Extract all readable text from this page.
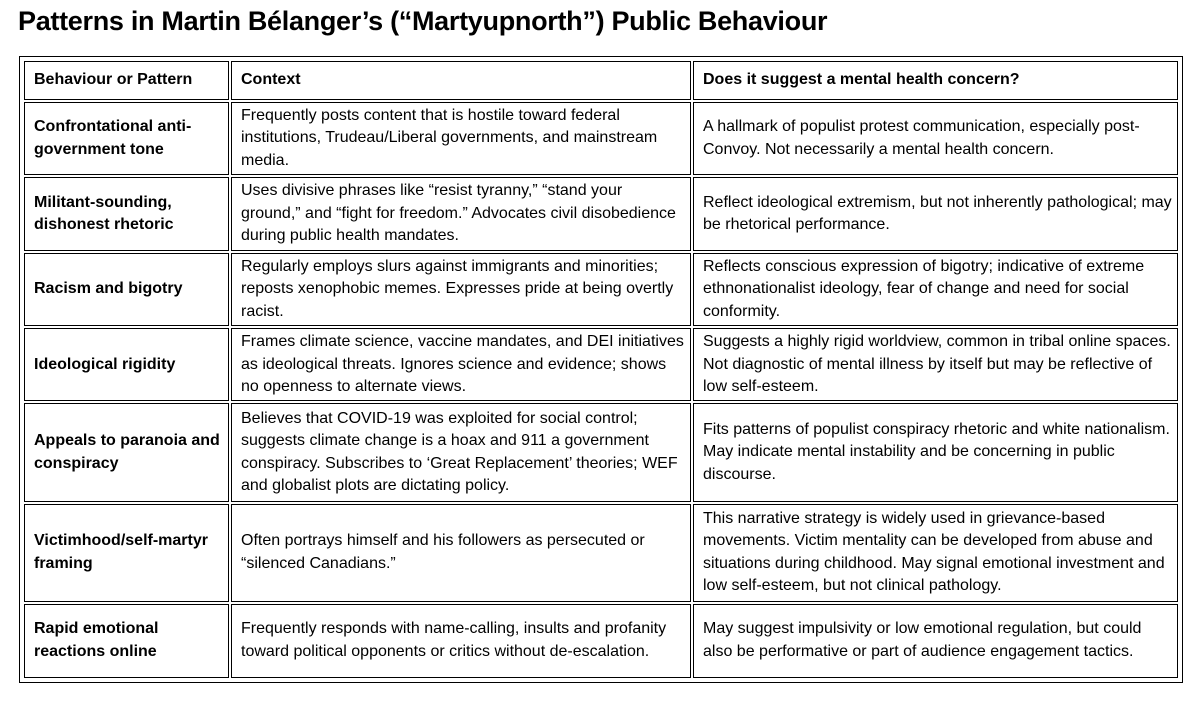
Patterns in Martin Bélanger’s (“Martyupnorth”) Public Behaviour
Behaviour or Pattern	Context	Does it suggest a mental health concern?
Confrontational anti-government tone	Frequently posts content that is hostile toward federal institutions, Trudeau/Liberal governments, and mainstream media.	A hallmark of populist protest communication, especially post-Convoy. Not necessarily a mental health concern.
Militant-sounding, dishonest rhetoric	Uses divisive phrases like “resist tyranny,” “stand your ground,” and “fight for freedom.” Advocates civil disobedience during public health mandates.	Reflect ideological extremism, but not inherently pathological; may be rhetorical performance.
Racism and bigotry	Regularly employs slurs against immigrants and minorities; reposts xenophobic memes. Expresses pride at being overtly racist.	Reflects conscious expression of bigotry; indicative of extreme ethnonationalist ideology, fear of change and need for social conformity.
Ideological rigidity	Frames climate science, vaccine mandates, and DEI initiatives as ideological threats. Ignores science and evidence; shows no openness to alternate views.	Suggests a highly rigid worldview, common in tribal online spaces. Not diagnostic of mental illness by itself but may be reflective of low self-esteem.
Appeals to paranoia and conspiracy	Believes that COVID-19 was exploited for social control; suggests climate change is a hoax and 911 a government conspiracy. Subscribes to ‘Great Replacement’ theories; WEF and globalist plots are dictating policy.	Fits patterns of populist conspiracy rhetoric and white nationalism. May indicate mental instability and be concerning in public discourse.
Victimhood/self-martyr framing	Often portrays himself and his followers as persecuted or “silenced Canadians.”	This narrative strategy is widely used in grievance-based movements. Victim mentality can be developed from abuse and situations during childhood. May signal emotional investment and low self-esteem, but not clinical pathology.
Rapid emotional reactions online	Frequently responds with name-calling, insults and profanity toward political opponents or critics without de-escalation.	May suggest impulsivity or low emotional regulation, but could also be performative or part of audience engagement tactics.
